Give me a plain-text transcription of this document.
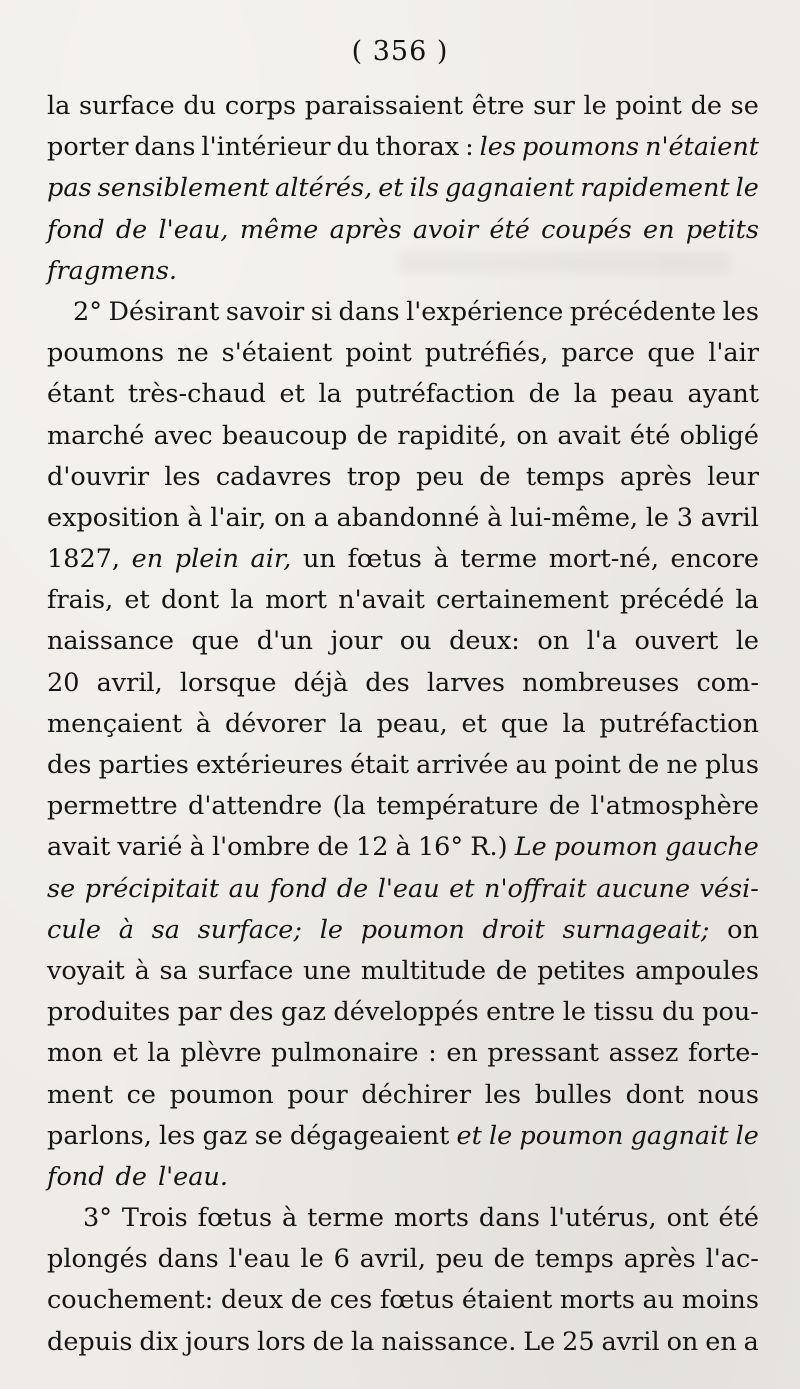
( 356 )
la surface du corps paraissaient être sur le point de se
porter dans l'intérieur du thorax : les poumons n'étaient
pas sensiblement altérés, et ils gagnaient rapidement le
fond de l'eau, même après avoir été coupés en petits
fragmens.
2° Désirant savoir si dans l'expérience précédente les
poumons ne s'étaient point putréfiés, parce que l'air
étant très-chaud et la putréfaction de la peau ayant
marché avec beaucoup de rapidité, on avait été obligé
d'ouvrir les cadavres trop peu de temps après leur
exposition à l'air, on a abandonné à lui-même, le 3 avril
1827, en plein air, un fœtus à terme mort-né, encore
frais, et dont la mort n'avait certainement précédé la
naissance que d'un jour ou deux: on l'a ouvert le
20 avril, lorsque déjà des larves nombreuses com-
mençaient à dévorer la peau, et que la putréfaction
des parties extérieures était arrivée au point de ne plus
permettre d'attendre (la température de l'atmosphère
avait varié à l'ombre de 12 à 16° R.) Le poumon gauche
se précipitait au fond de l'eau et n'offrait aucune vési-
cule à sa surface; le poumon droit surnageait; on
voyait à sa surface une multitude de petites ampoules
produites par des gaz développés entre le tissu du pou-
mon et la plèvre pulmonaire : en pressant assez forte-
ment ce poumon pour déchirer les bulles dont nous
parlons, les gaz se dégageaient et le poumon gagnait le
fond de l'eau.
3° Trois fœtus à terme morts dans l'utérus, ont été
plongés dans l'eau le 6 avril, peu de temps après l'ac-
couchement: deux de ces fœtus étaient morts au moins
depuis dix jours lors de la naissance. Le 25 avril on en a
